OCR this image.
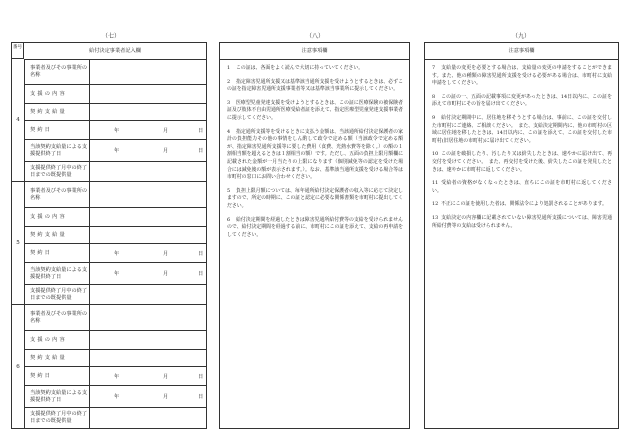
（七）	（八）	（九）
番号
給付決定事業者記入欄
4
事業者及びその事業所の名称
支援の内容
契約支給量
契約日	年	月	日
当該契約支給量による支援提供終了日	年	月	日
支援提供終了月中の終了日までの既提供量
5
事業者及びその事業所の名称
支援の内容
契約支給量
契約日	年	月	日
当該契約支給量による支援提供終了日	年	月	日
支援提供終了月中の終了日までの既提供量
6
事業者及びその事業所の名称
支援の内容
契約支給量
契約日	年	月	日
当該契約支給量による支援提供終了日	年	月	日
支援提供終了月中の終了日までの既提供量
注意事項欄

1 この証は、各面をよく読んで大切に持っていてください。

2 指定障害児通所支援又は基準該当通所支援を受けようとするときは、必ずこの証を指定障害児通所支援事業者等又は基準該当事業所に提示してください。

3 医療型児童発達支援を受けようとするときは、この証に医療保険の被保険者証及び肢体不自由児通所医療受給者証を添えて、指定医療型児童発達支援事業者に提示してください。

4 指定通所支援等を受けるときに支払う金額は、当該通所給付決定保護者の家計の負担能力その他の事情をしん酌して政令で定める額（当該政令で定める額が、指定障害児通所支援等に要した費用（食費、光熱水費等を除く。）の額の１割相当額を超えるときは１割相当の額）です。ただし、五面の負担上限月額欄に記載された金額が一月当たりの上限になります（個別減免等の認定を受けた場合には減免後の額が表示されます。）。なお、基準該当通所支援を受ける場合等は市町村の窓口にお問い合わせください。

5 負担上限月額については、毎年通所給付決定保護者の収入等に応じて決定しますので、所定の時期に、この証と認定に必要な関係書類を市町村に提出してください。

6 給付決定期間を経過したときは障害児通所給付費等の支給を受けられませんので、給付決定期間を経過する前に、市町村にこの証を添えて、支給の再申請をしてください。

注意事項欄

7 支給量の変更を必要とする場合は、支給量の変更の申請をすることができます。また、他の種類の障害児通所支援を受ける必要がある場合は、市町村に支給申請をしてください。

8 この証の一、五面の記載事項に変更があったときは、14日以内に、この証を添えて市町村にその旨を届け出てください。

9 給付決定期間中に、居住地を移そうとする場合は、事前に、この証を交付した市町村にご連絡、ご相談ください。　また、支給決定期間内に、他の市町村の区域に居住地を移したときは、14日以内に、この証を添えて、この証を交付した市町村(旧居住地の市町村)に届け出てください。

10 この証を破損したり、汚したり又は紛失したときは、速やかに届け出て、再交付を受けてください。　また、再交付を受けた後、紛失したこの証を発見したときは、速やかに市町村に返してください。

11 受給者の資格がなくなったときは、直ちにこの証を市町村に返してください。

12 不正にこの証を使用した者は、関係法令により処罰されることがあります。

13 支給決定の内容欄に記載されていない障害児通所支援については、障害児通所給付費等の支給は受けられません。
